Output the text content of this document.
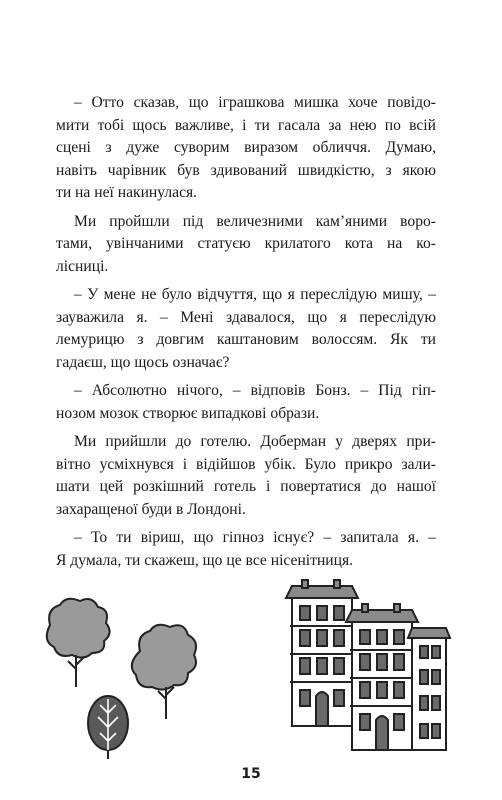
– Отто сказав, що іграшкова мишка хоче повідо-
мити тобі щось важливе, і ти гасала за нею по всій
сцені з дуже суворим виразом обличчя. Думаю,
навіть чарівник був здивований швидкістю, з якою
ти на неї накинулася.
Ми пройшли під величезними кам’яними воро-
тами, увінчаними статуєю крилатого кота на ко-
лісниці.
– У мене не було відчуття, що я переслідую мишу, –
зауважила я. – Мені здавалося, що я переслідую
лемурицю з довгим каштановим волоссям. Як ти
гадаєш, що щось означає?
– Абсолютно нічого, – відповів Бонз. – Під гіп-
нозом мозок створює випадкові образи.
Ми прийшли до готелю. Доберман у дверях при-
вітно усміхнувся і відійшов убік. Було прикро зали-
шати цей розкішний готель і повертатися до нашої
захаращеної буди в Лондоні.
– То ти віриш, що гіпноз існує? – запитала я. –
Я думала, ти скажеш, що це все нісенітниця.
15
